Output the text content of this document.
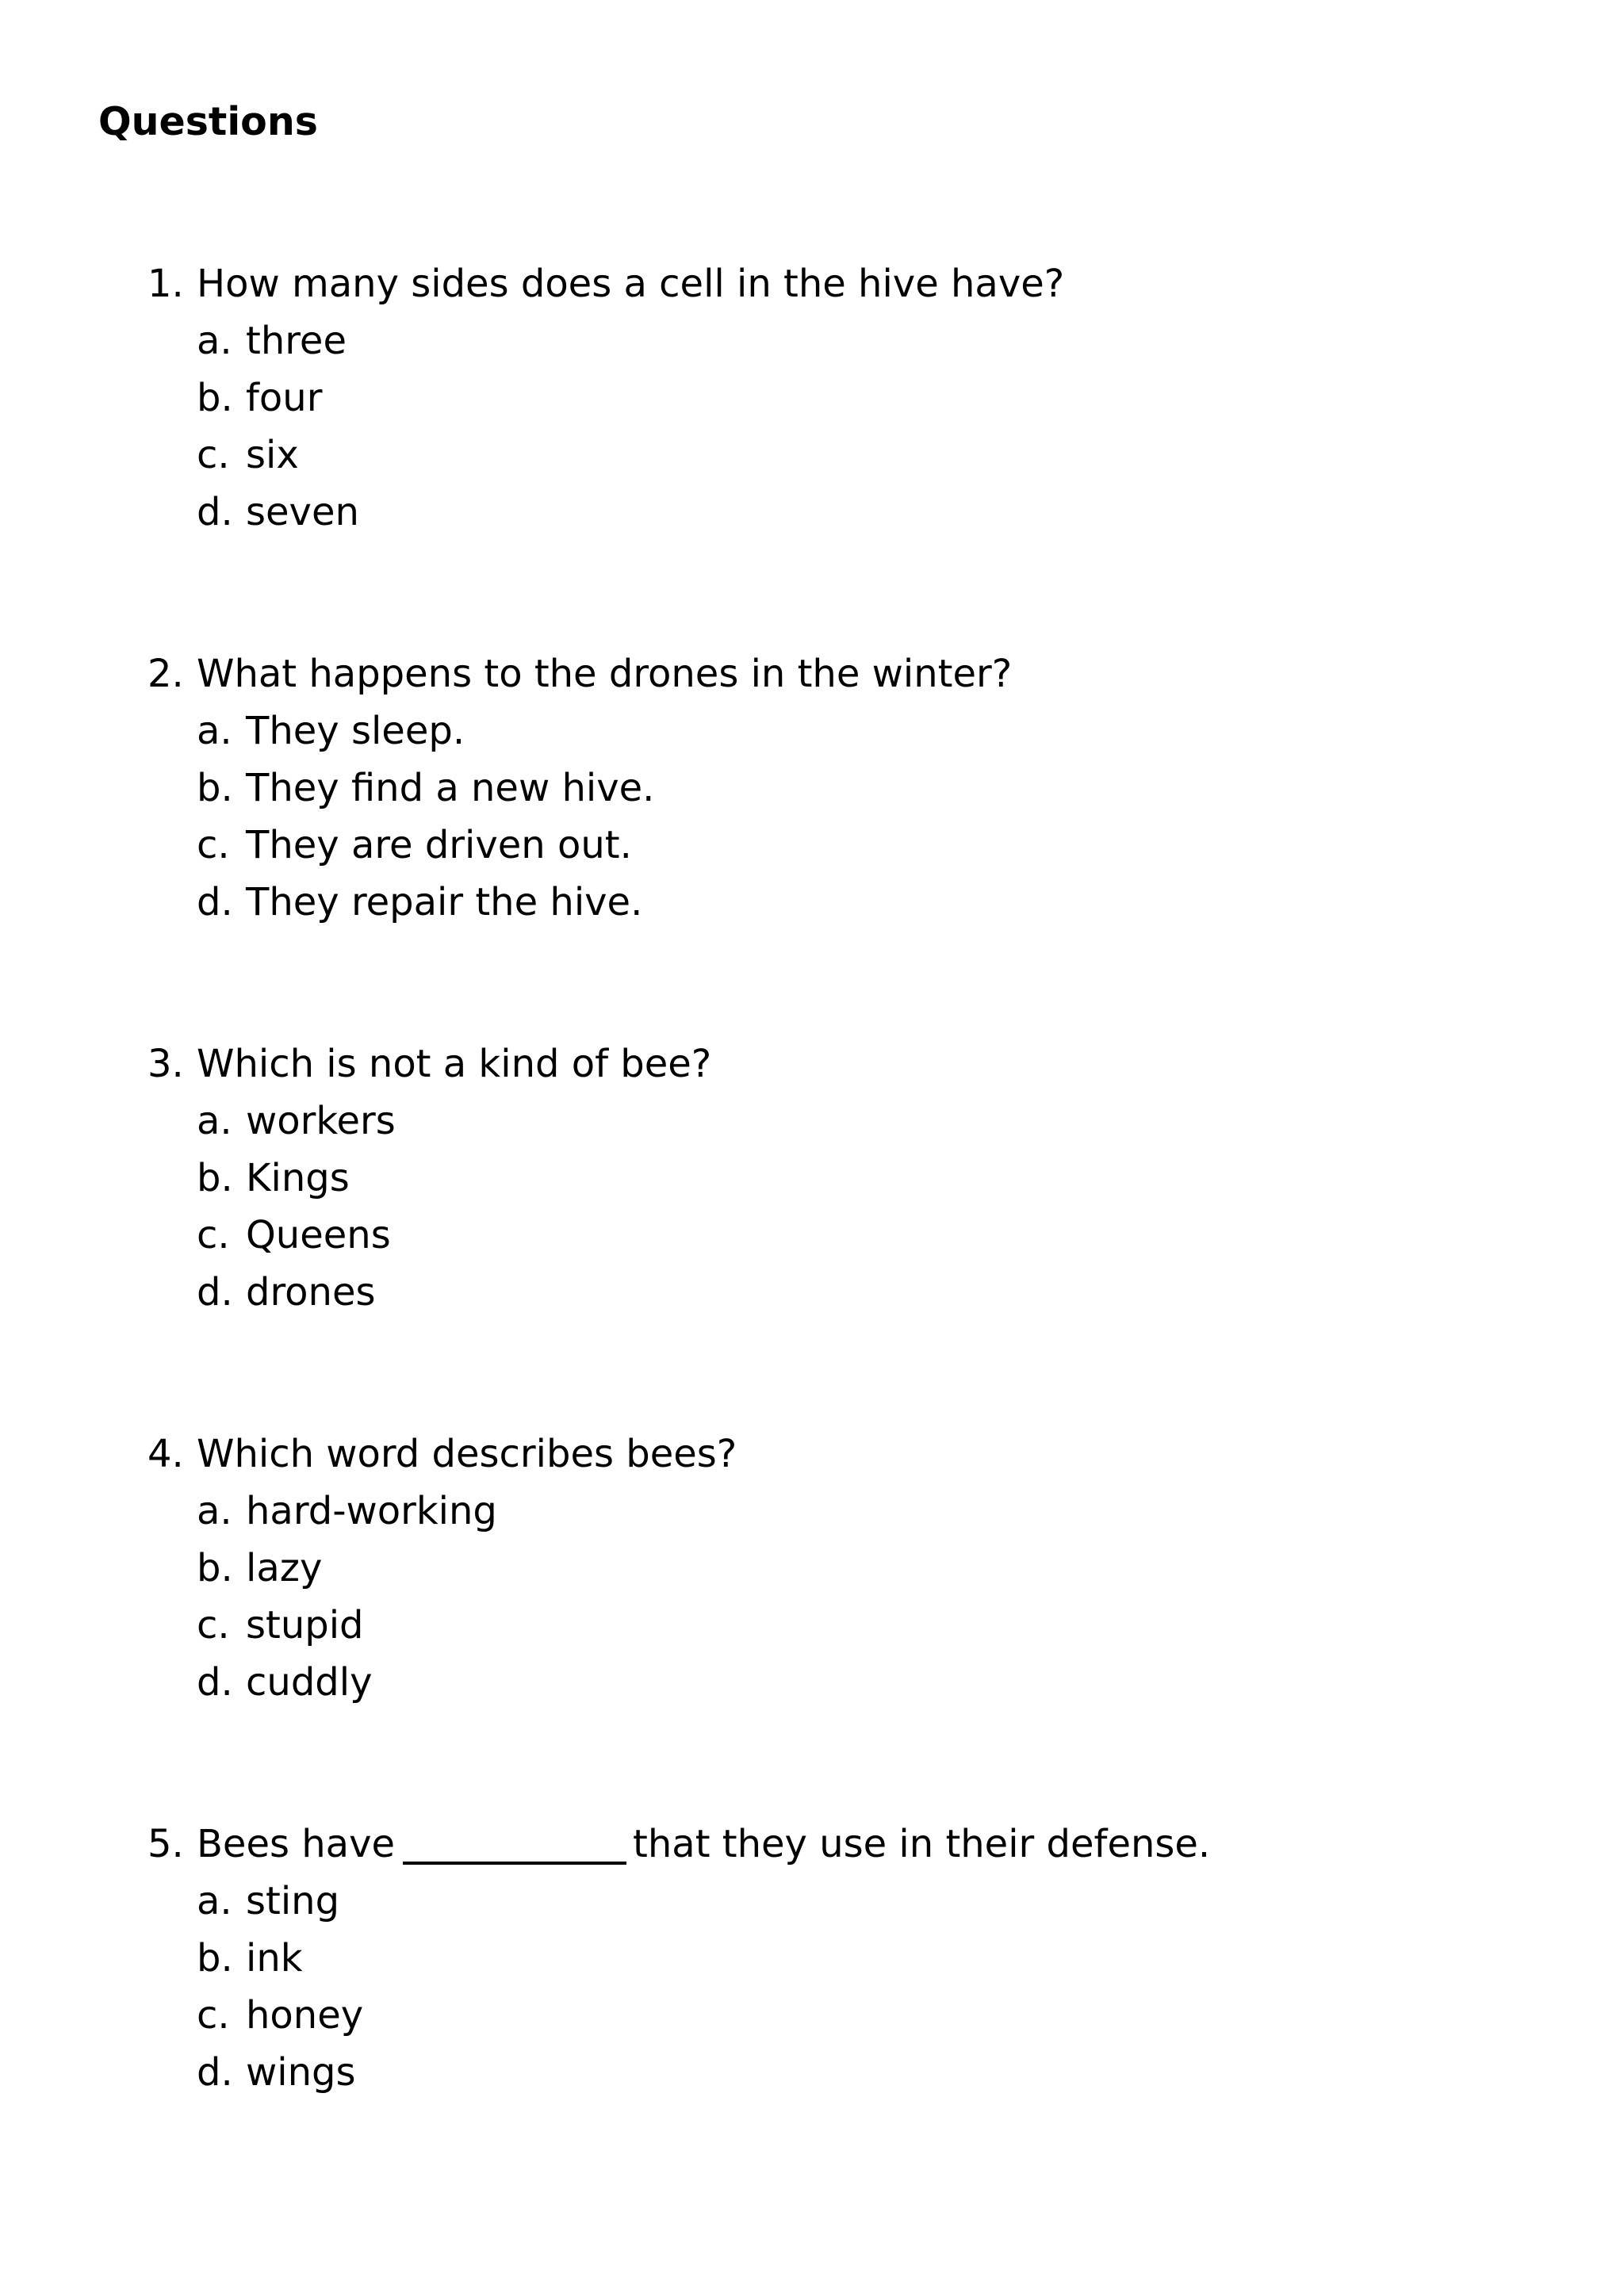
Questions
1. How many sides does a cell in the hive have?
a. three
b. four
c. six
d. seven
2. What happens to the drones in the winter?
a. They sleep.
b. They find a new hive.
c. They are driven out.
d. They repair the hive.
3. Which is not a kind of bee?
a. workers
b. Kings
c. Queens
d. drones
4. Which word describes bees?
a. hard-working
b. lazy
c. stupid
d. cuddly
5. Bees have	that they use in their defense.
a. sting
b. ink
c. honey
d. wings
